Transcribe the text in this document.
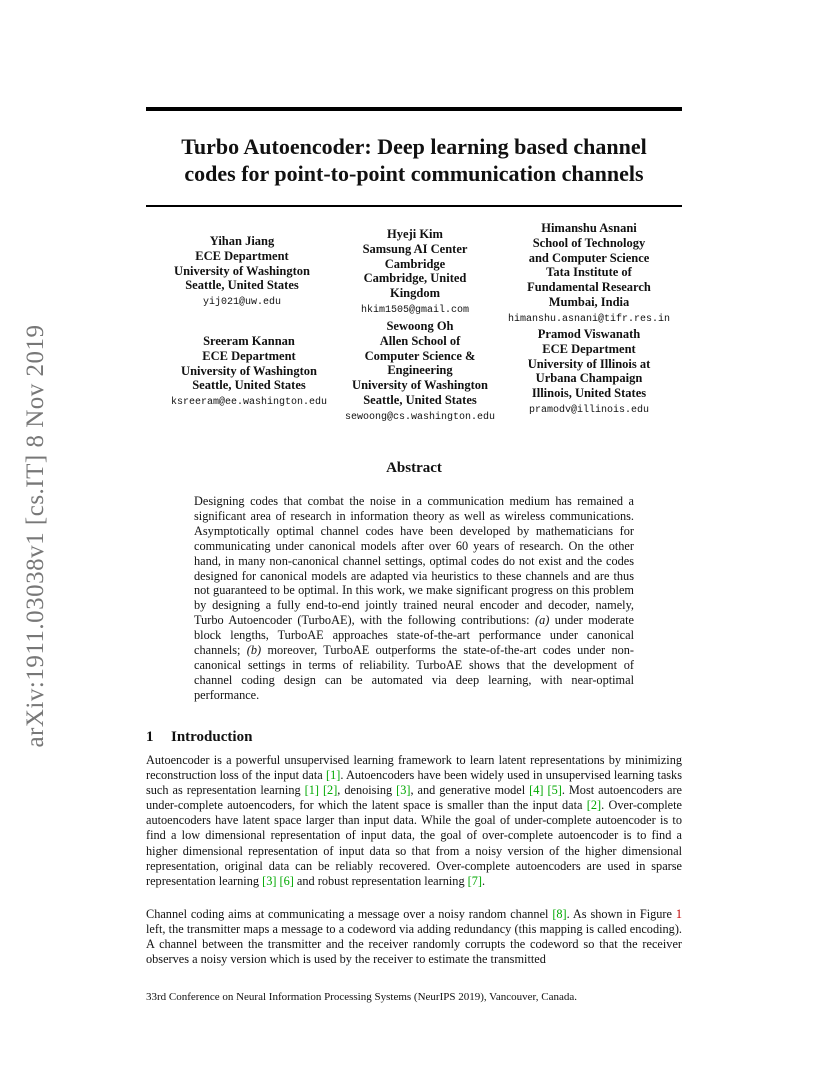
arXiv:1911.03038v1 [cs.IT] 8 Nov 2019
Turbo Autoencoder: Deep learning based channel
codes for point-to-point communication channels
Yihan Jiang
ECE Department
University of Washington
Seattle, United States
yij021@uw.edu
Hyeji Kim
Samsung AI Center
Cambridge
Cambridge, United
Kingdom
hkim1505@gmail.com
Himanshu Asnani
School of Technology
and Computer Science
Tata Institute of
Fundamental Research
Mumbai, India
himanshu.asnani@tifr.res.in
Sreeram Kannan
ECE Department
University of Washington
Seattle, United States
ksreeram@ee.washington.edu
Sewoong Oh
Allen School of
Computer Science &
Engineering
University of Washington
Seattle, United States
sewoong@cs.washington.edu
Pramod Viswanath
ECE Department
University of Illinois at
Urbana Champaign
Illinois, United States
pramodv@illinois.edu
Abstract

Designing codes that combat the noise in a communication medium has remained a significant area of research in information theory as well as wireless communications. Asymptotically optimal channel codes have been developed by mathematicians for communicating under canonical models after over 60 years of research. On the other hand, in many non-canonical channel settings, optimal codes do not exist and the codes designed for canonical models are adapted via heuristics to these channels and are thus not guaranteed to be optimal. In this work, we make significant progress on this problem by designing a fully end-to-end jointly trained neural encoder and decoder, namely, Turbo Autoencoder (TurboAE), with the following contributions: (a) under moderate block lengths, TurboAE approaches state-of-the-art performance under canonical channels; (b) moreover, TurboAE outperforms the state-of-the-art codes under non-canonical settings in terms of reliability. TurboAE shows that the development of channel coding design can be automated via deep learning, with near-optimal performance.

1 Introduction

Autoencoder is a powerful unsupervised learning framework to learn latent representations by minimizing reconstruction loss of the input data [1]. Autoencoders have been widely used in unsupervised learning tasks such as representation learning [1] [2], denoising [3], and generative model [4] [5]. Most autoencoders are under-complete autoencoders, for which the latent space is smaller than the input data [2]. Over-complete autoencoders have latent space larger than input data. While the goal of under-complete autoencoder is to find a low dimensional representation of input data, the goal of over-complete autoencoder is to find a higher dimensional representation of input data so that from a noisy version of the higher dimensional representation, original data can be reliably recovered. Over-complete autoencoders are used in sparse representation learning [3] [6] and robust representation learning [7].

Channel coding aims at communicating a message over a noisy random channel [8]. As shown in Figure 1 left, the transmitter maps a message to a codeword via adding redundancy (this mapping is called encoding). A channel between the transmitter and the receiver randomly corrupts the codeword so that the receiver observes a noisy version which is used by the receiver to estimate the transmitted

33rd Conference on Neural Information Processing Systems (NeurIPS 2019), Vancouver, Canada.
